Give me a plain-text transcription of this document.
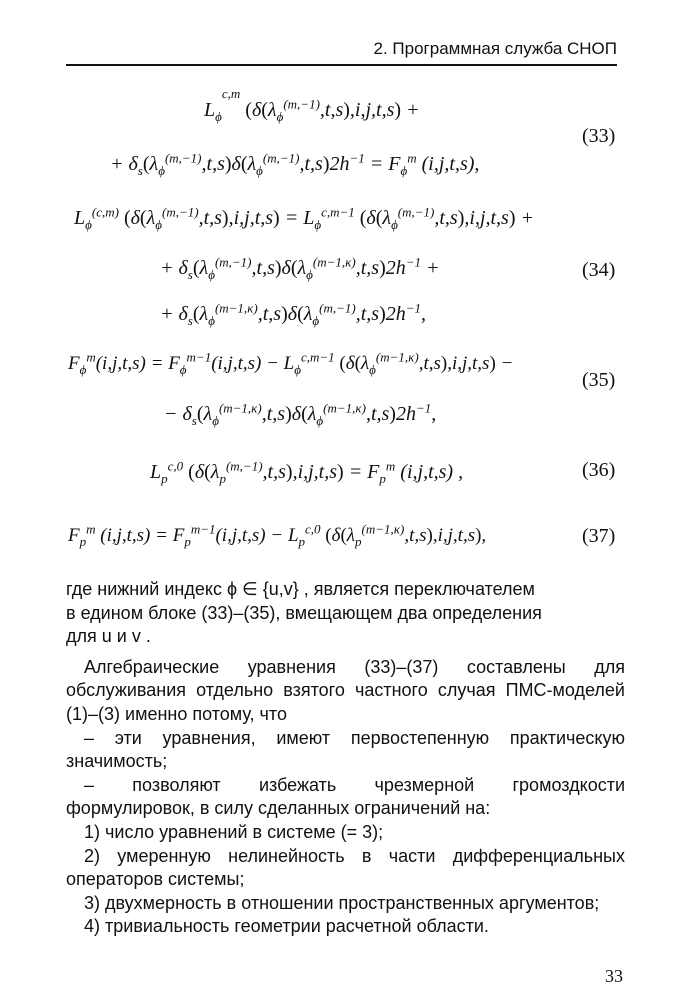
2. Программная служба СНОП
$L_\phi^{c,m}$ $(\delta(\lambda_\phi^{(m,-1)},t,s),i,j,t,s)$ +
+ $\delta_s(\lambda_\phi^{(m,-1)},t,s)\delta(\lambda_\phi^{(m,-1)},t,s)2h^{-1} = F_\phi^m$ (i,j,t,s),
(33)
$L_\phi^{(c,m)}$ $(\delta(\lambda_\phi^{(m,-1)},t,s),i,j,t,s) = L_\phi^{c,m-1}$ $(\delta(\lambda_\phi^{(m,-1)},t,s),i,j,t,s)$ +
+ $\delta_s(\lambda_\phi^{(m,-1)},t,s)\delta(\lambda_\phi^{(m-1,\kappa)},t,s)2h^{-1}$ +
+ $\delta_s(\lambda_\phi^{(m-1,\kappa)},t,s)\delta(\lambda_\phi^{(m,-1)},t,s)2h^{-1}$,
(34)
$F_\phi^m(i,j,t,s) = F_\phi^{m-1}(i,j,t,s) - L_\phi^{c,m-1}$ $(\delta(\lambda_\phi^{(m-1,\kappa)},t,s),i,j,t,s)$ −
− $\delta_s(\lambda_\phi^{(m-1,\kappa)},t,s)\delta(\lambda_\phi^{(m-1,\kappa)},t,s)2h^{-1}$,
(35)
$L_p^{c,0}$ $(\delta(\lambda_p^{(m,-1)},t,s),i,j,t,s) = F_p^m$ (i,j,t,s) ,	(36)
$F_p^m$ $(i,j,t,s) = F_p^{m-1}(i,j,t,s) - L_p^{c,0}$ $(\delta(\lambda_p^{(m-1,\kappa)},t,s),i,j,t,s)$,	(37)

где нижний индекс ϕ ∈ {u,v} , является переключателем

в едином блоке (33)–(35), вмещающем два определения

для u и v .

Алгебраические уравнения (33)–(37) составлены для обслуживания отдельно взятого частного случая ПМС-моделей (1)–(3) именно потому, что

– эти уравнения, имеют первостепенную практическую значимость;

– позволяют избежать чрезмерной громоздкости формулировок, в силу сделанных ограничений на:

1) число уравнений в системе (= 3);

2) умеренную нелинейность в части дифференциальных операторов системы;

3) двухмерность в отношении пространственных аргументов;

4) тривиальность геометрии расчетной области.

33
